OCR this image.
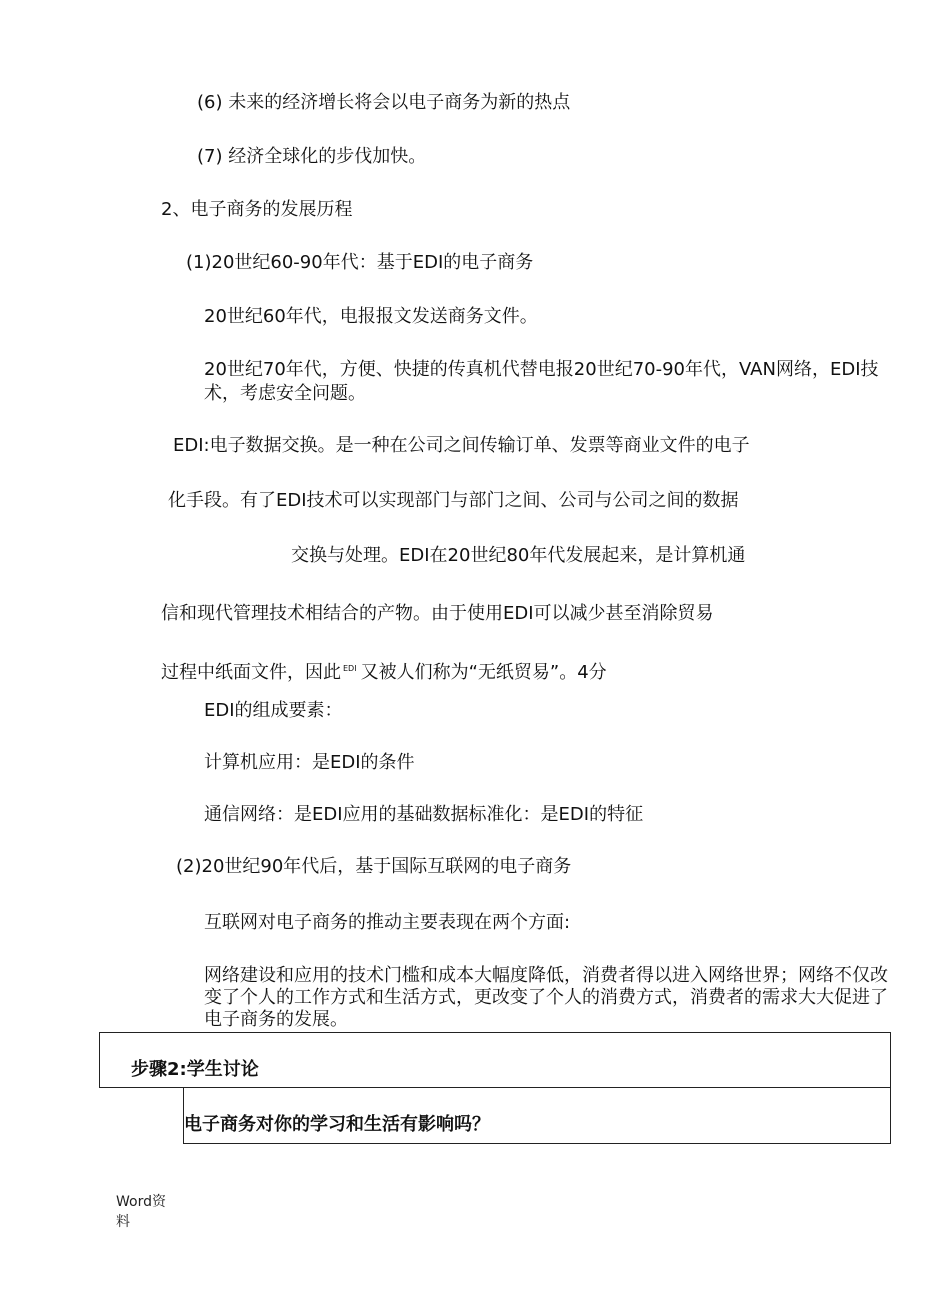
(6) 未来的经济增长将会以电子商务为新的热点
(7) 经济全球化的步伐加快。
2、电子商务的发展历程
(1)20世纪60-90年代：基于EDI的电子商务
20世纪60年代，电报报文发送商务文件。
20世纪70年代，方便、快捷的传真机代替电报20世纪70-90年代，VAN网络，EDI技术，考虑安全问题。
EDI:电子数据交换。是一种在公司之间传输订单、发票等商业文件的电子
化手段。有了EDI技术可以实现部门与部门之间、公司与公司之间的数据
交换与处理。EDI在20世纪80年代发展起来，是计算机通
信和现代管理技术相结合的产物。由于使用EDI可以减少甚至消除贸易
过程中纸面文件，因此 $^{EDI}$ 又被人们称为“无纸贸易”。4分
EDI的组成要素：
计算机应用：是EDI的条件
通信网络：是EDI应用的基础数据标准化：是EDI的特征
(2)20世纪90年代后，基于国际互联网的电子商务
互联网对电子商务的推动主要表现在两个方面:
网络建设和应用的技术门槛和成本大幅度降低，消费者得以进入网络世界；网络不仅改变了个人的工作方式和生活方式，更改变了个人的消费方式，消费者的需求大大促进了电子商务的发展。
步骤2:学生讨论
电子商务对你的学习和生活有影响吗？
Word资
料
